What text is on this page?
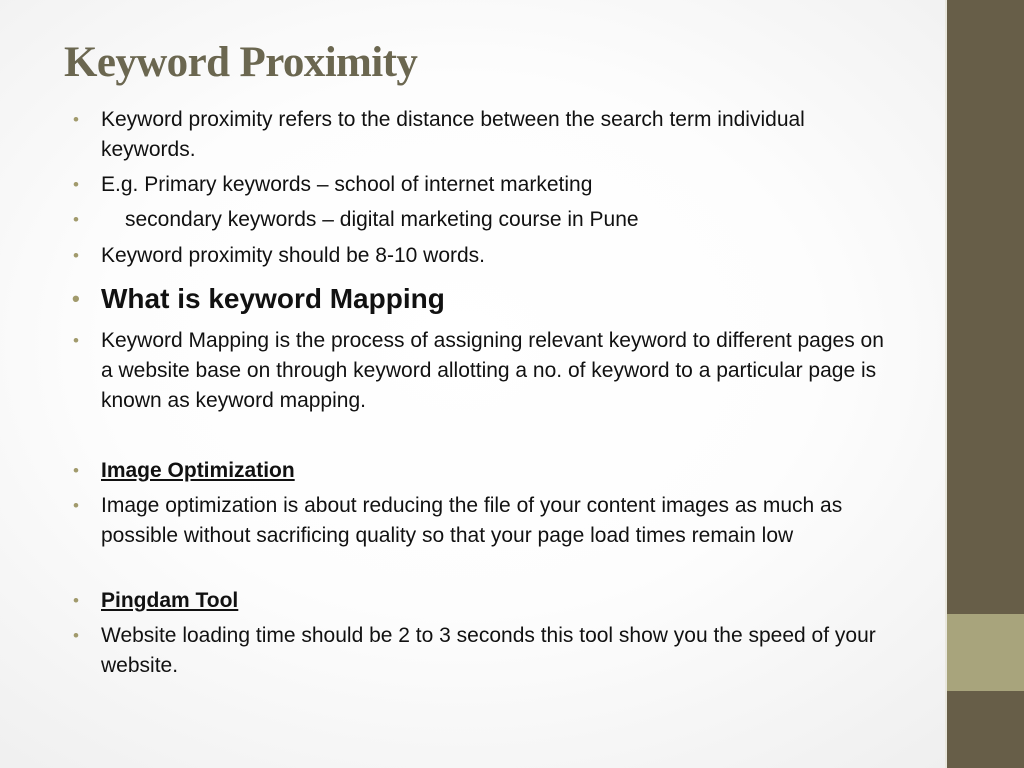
Keyword Proximity
• Keyword proximity refers to the distance between the search term individual keywords.
• E.g. Primary keywords – school of internet marketing
• secondary keywords – digital marketing course in Pune
• Keyword proximity should be 8-10 words.
• What is keyword Mapping
• Keyword Mapping is the process of assigning relevant keyword to different pages on a website base on through keyword allotting a no. of keyword to a particular page is known as keyword mapping.
• Image Optimization
• Image optimization is about reducing the file of your content images as much as possible without sacrificing quality so that your page load times remain low
• Pingdam Tool
• Website loading time should be 2 to 3 seconds this tool show you the speed of your website.
